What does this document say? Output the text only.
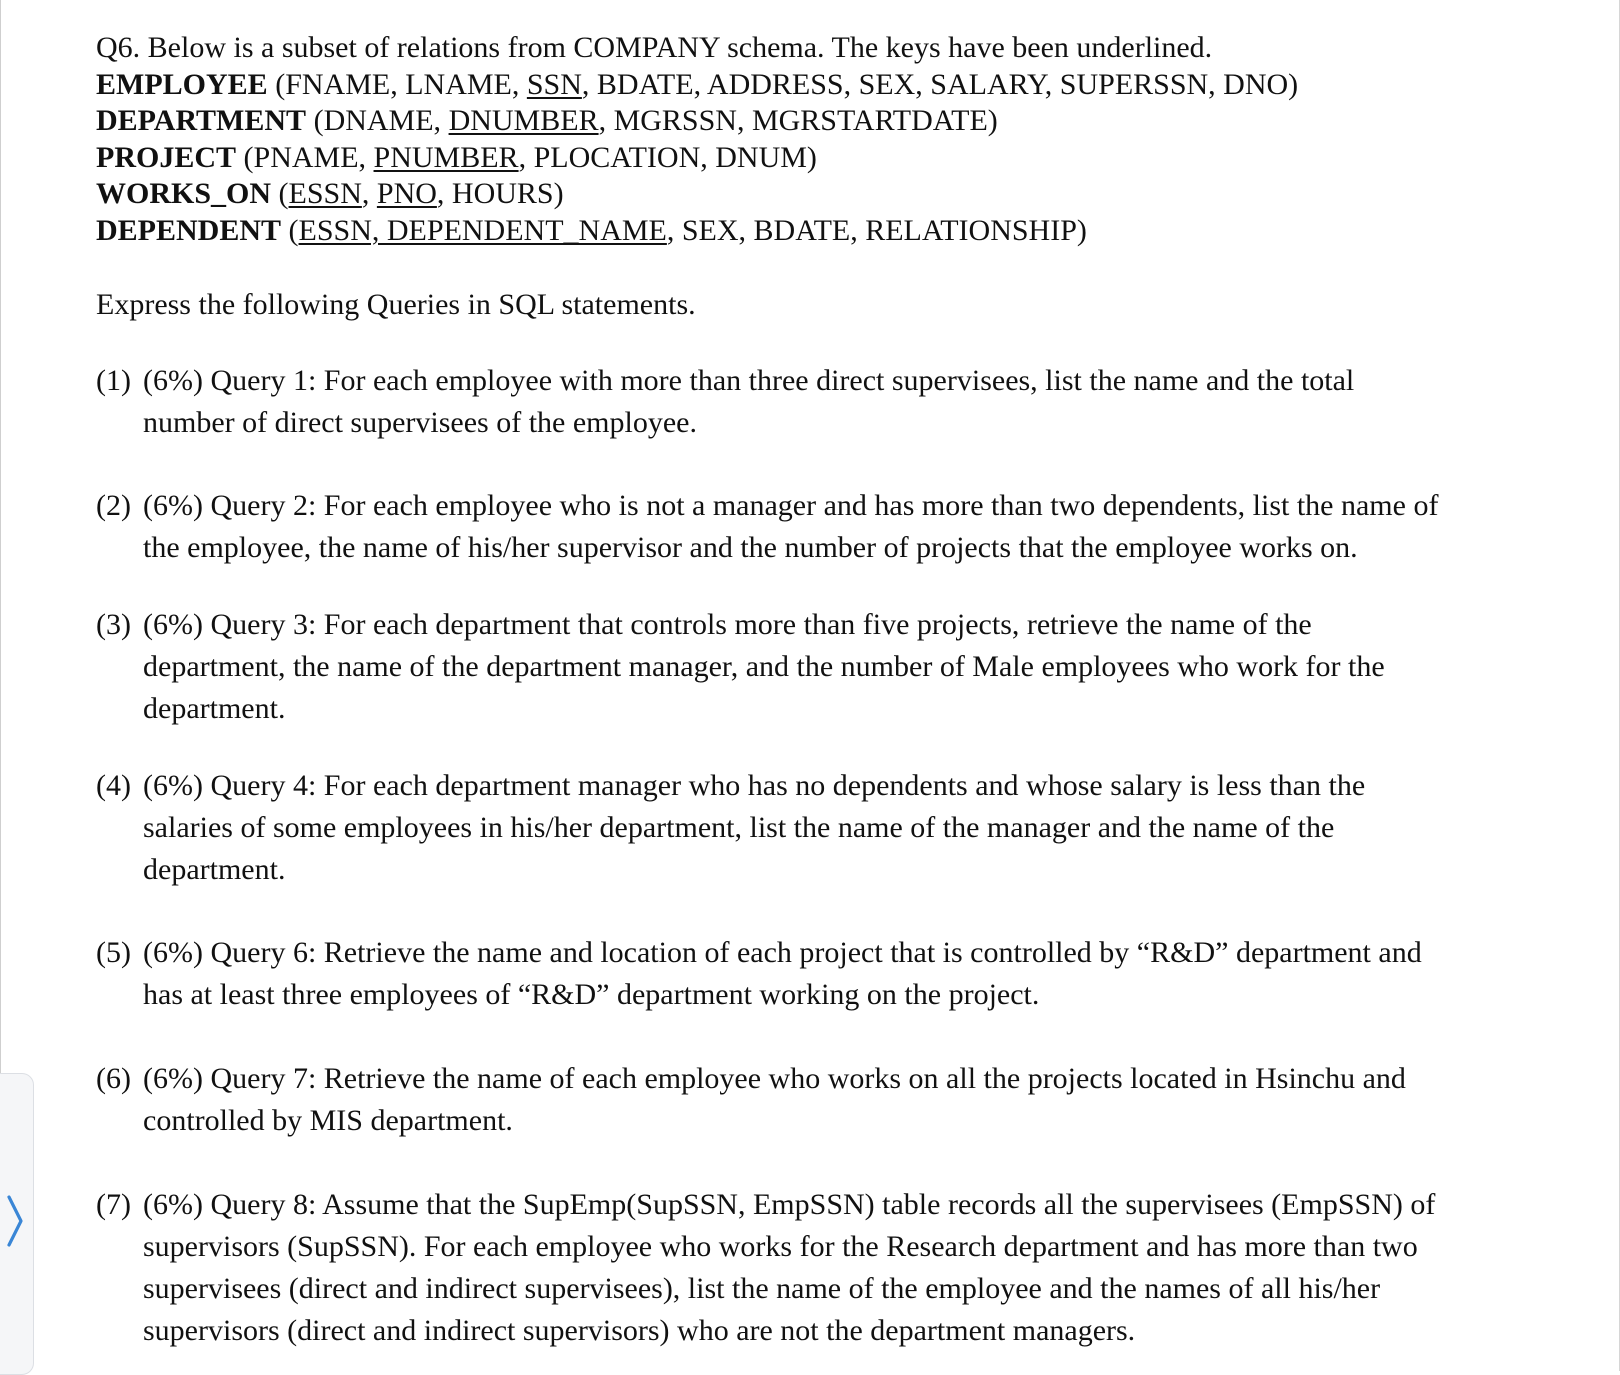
Q6. Below is a subset of relations from COMPANY schema. The keys have been underlined.
EMPLOYEE (FNAME, LNAME, SSN, BDATE, ADDRESS, SEX, SALARY, SUPERSSN, DNO)
DEPARTMENT (DNAME, DNUMBER, MGRSSN, MGRSTARTDATE)
PROJECT (PNAME, PNUMBER, PLOCATION, DNUM)
WORKS_ON (ESSN, PNO, HOURS)
DEPENDENT (ESSN, DEPENDENT_NAME, SEX, BDATE, RELATIONSHIP)
Express the following Queries in SQL statements.
(1) (6%) Query 1: For each employee with more than three direct supervisees, list the name and the total
number of direct supervisees of the employee.
(2) (6%) Query 2: For each employee who is not a manager and has more than two dependents, list the name of
the employee, the name of his/her supervisor and the number of projects that the employee works on.
(3) (6%) Query 3: For each department that controls more than five projects, retrieve the name of the
department, the name of the department manager, and the number of Male employees who work for the
department.
(4) (6%) Query 4: For each department manager who has no dependents and whose salary is less than the
salaries of some employees in his/her department, list the name of the manager and the name of the
department.
(5) (6%) Query 6: Retrieve the name and location of each project that is controlled by “R&D” department and
has at least three employees of “R&D” department working on the project.
(6) (6%) Query 7: Retrieve the name of each employee who works on all the projects located in Hsinchu and
controlled by MIS department.
(7) (6%) Query 8: Assume that the SupEmp(SupSSN, EmpSSN) table records all the supervisees (EmpSSN) of
supervisors (SupSSN). For each employee who works for the Research department and has more than two
supervisees (direct and indirect supervisees), list the name of the employee and the names of all his/her
supervisors (direct and indirect supervisors) who are not the department managers.
